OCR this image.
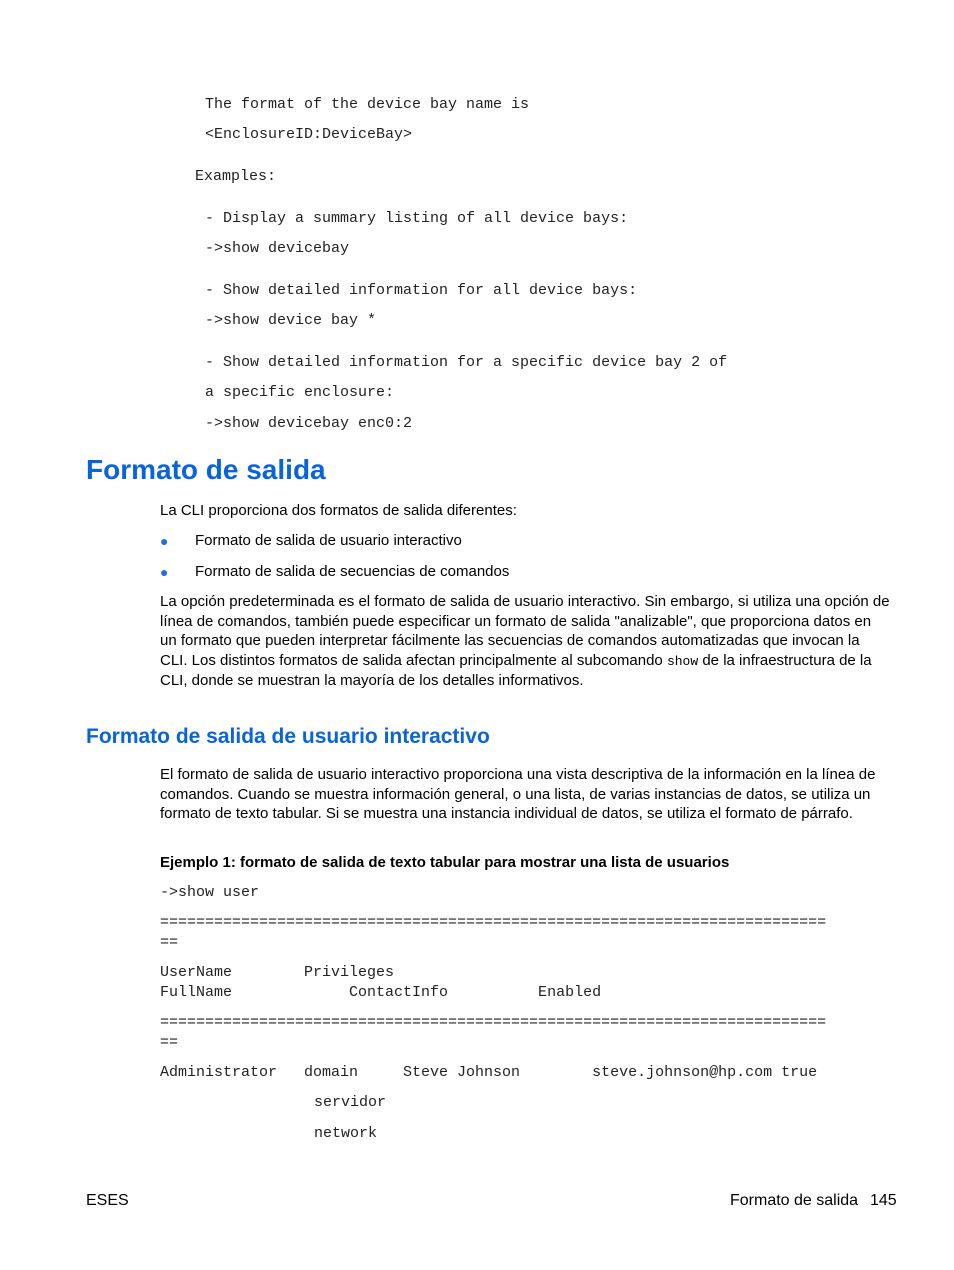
The format of the device bay name is

<EnclosureID:DeviceBay>

Examples:

- Display a summary listing of all device bays:

->show devicebay

- Show detailed information for all device bays:

->show device bay *

- Show detailed information for a specific device bay 2 of

a specific enclosure:

->show devicebay enc0:2

Formato de salida

La CLI proporciona dos formatos de salida diferentes:

● Formato de salida de usuario interactivo
● Formato de salida de secuencias de comandos

La opción predeterminada es el formato de salida de usuario interactivo. Sin embargo, si utiliza una opción de línea de comandos, también puede especificar un formato de salida "analizable", que proporciona datos en un formato que pueden interpretar fácilmente las secuencias de comandos automatizadas que invocan la CLI. Los distintos formatos de salida afectan principalmente al subcomando show de la infraestructura de la CLI, donde se muestran la mayoría de los detalles informativos.

Formato de salida de usuario interactivo

El formato de salida de usuario interactivo proporciona una vista descriptiva de la información en la línea de comandos. Cuando se muestra información general, o una lista, de varias instancias de datos, se utiliza un formato de texto tabular. Si se muestra una instancia individual de datos, se utiliza el formato de párrafo.

Ejemplo 1: formato de salida de texto tabular para mostrar una lista de usuarios

->show user

==========================================================================

==

UserName        Privileges

FullName             ContactInfo          Enabled

==========================================================================

==

Administrator   domain     Steve Johnson        steve.johnson@hp.com true

servidor

network

ESES	Formato de salida 145
